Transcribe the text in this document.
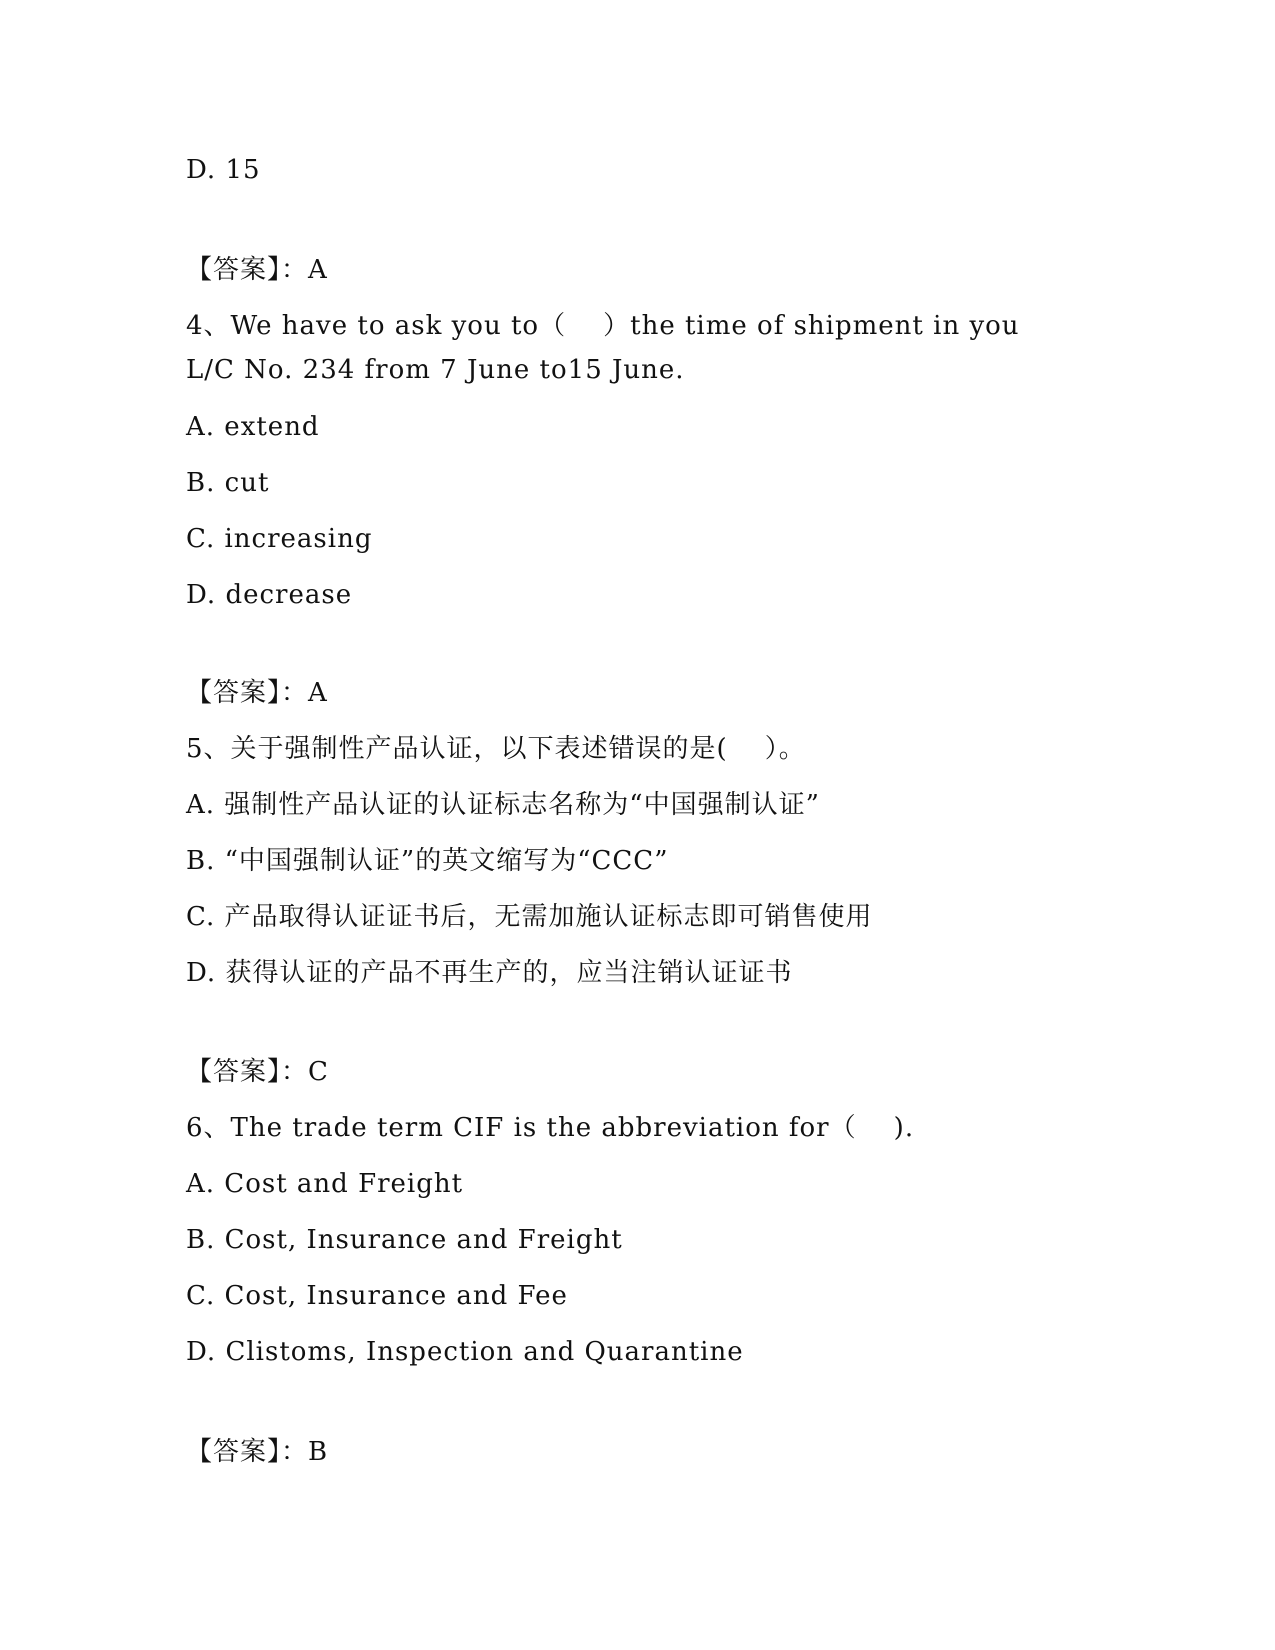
D. 15
【答案】：A
4、We have to ask you to（    ）the time of shipment in you
L/C No. 234 from 7 June to15 June.
A. extend
B. cut
C. increasing
D. decrease
【答案】：A
5、关于强制性产品认证，以下表述错误的是(    ）。
A. 强制性产品认证的认证标志名称为“中国强制认证”
B. “中国强制认证”的英文缩写为“CCC”
C. 产品取得认证证书后，无需加施认证标志即可销售使用
D. 获得认证的产品不再生产的，应当注销认证证书
【答案】：C
6、The trade term CIF is the abbreviation for（    ).
A. Cost and Freight
B. Cost, Insurance and Freight
C. Cost, Insurance and Fee
D. Clistoms, Inspection and Quarantine
【答案】：B
